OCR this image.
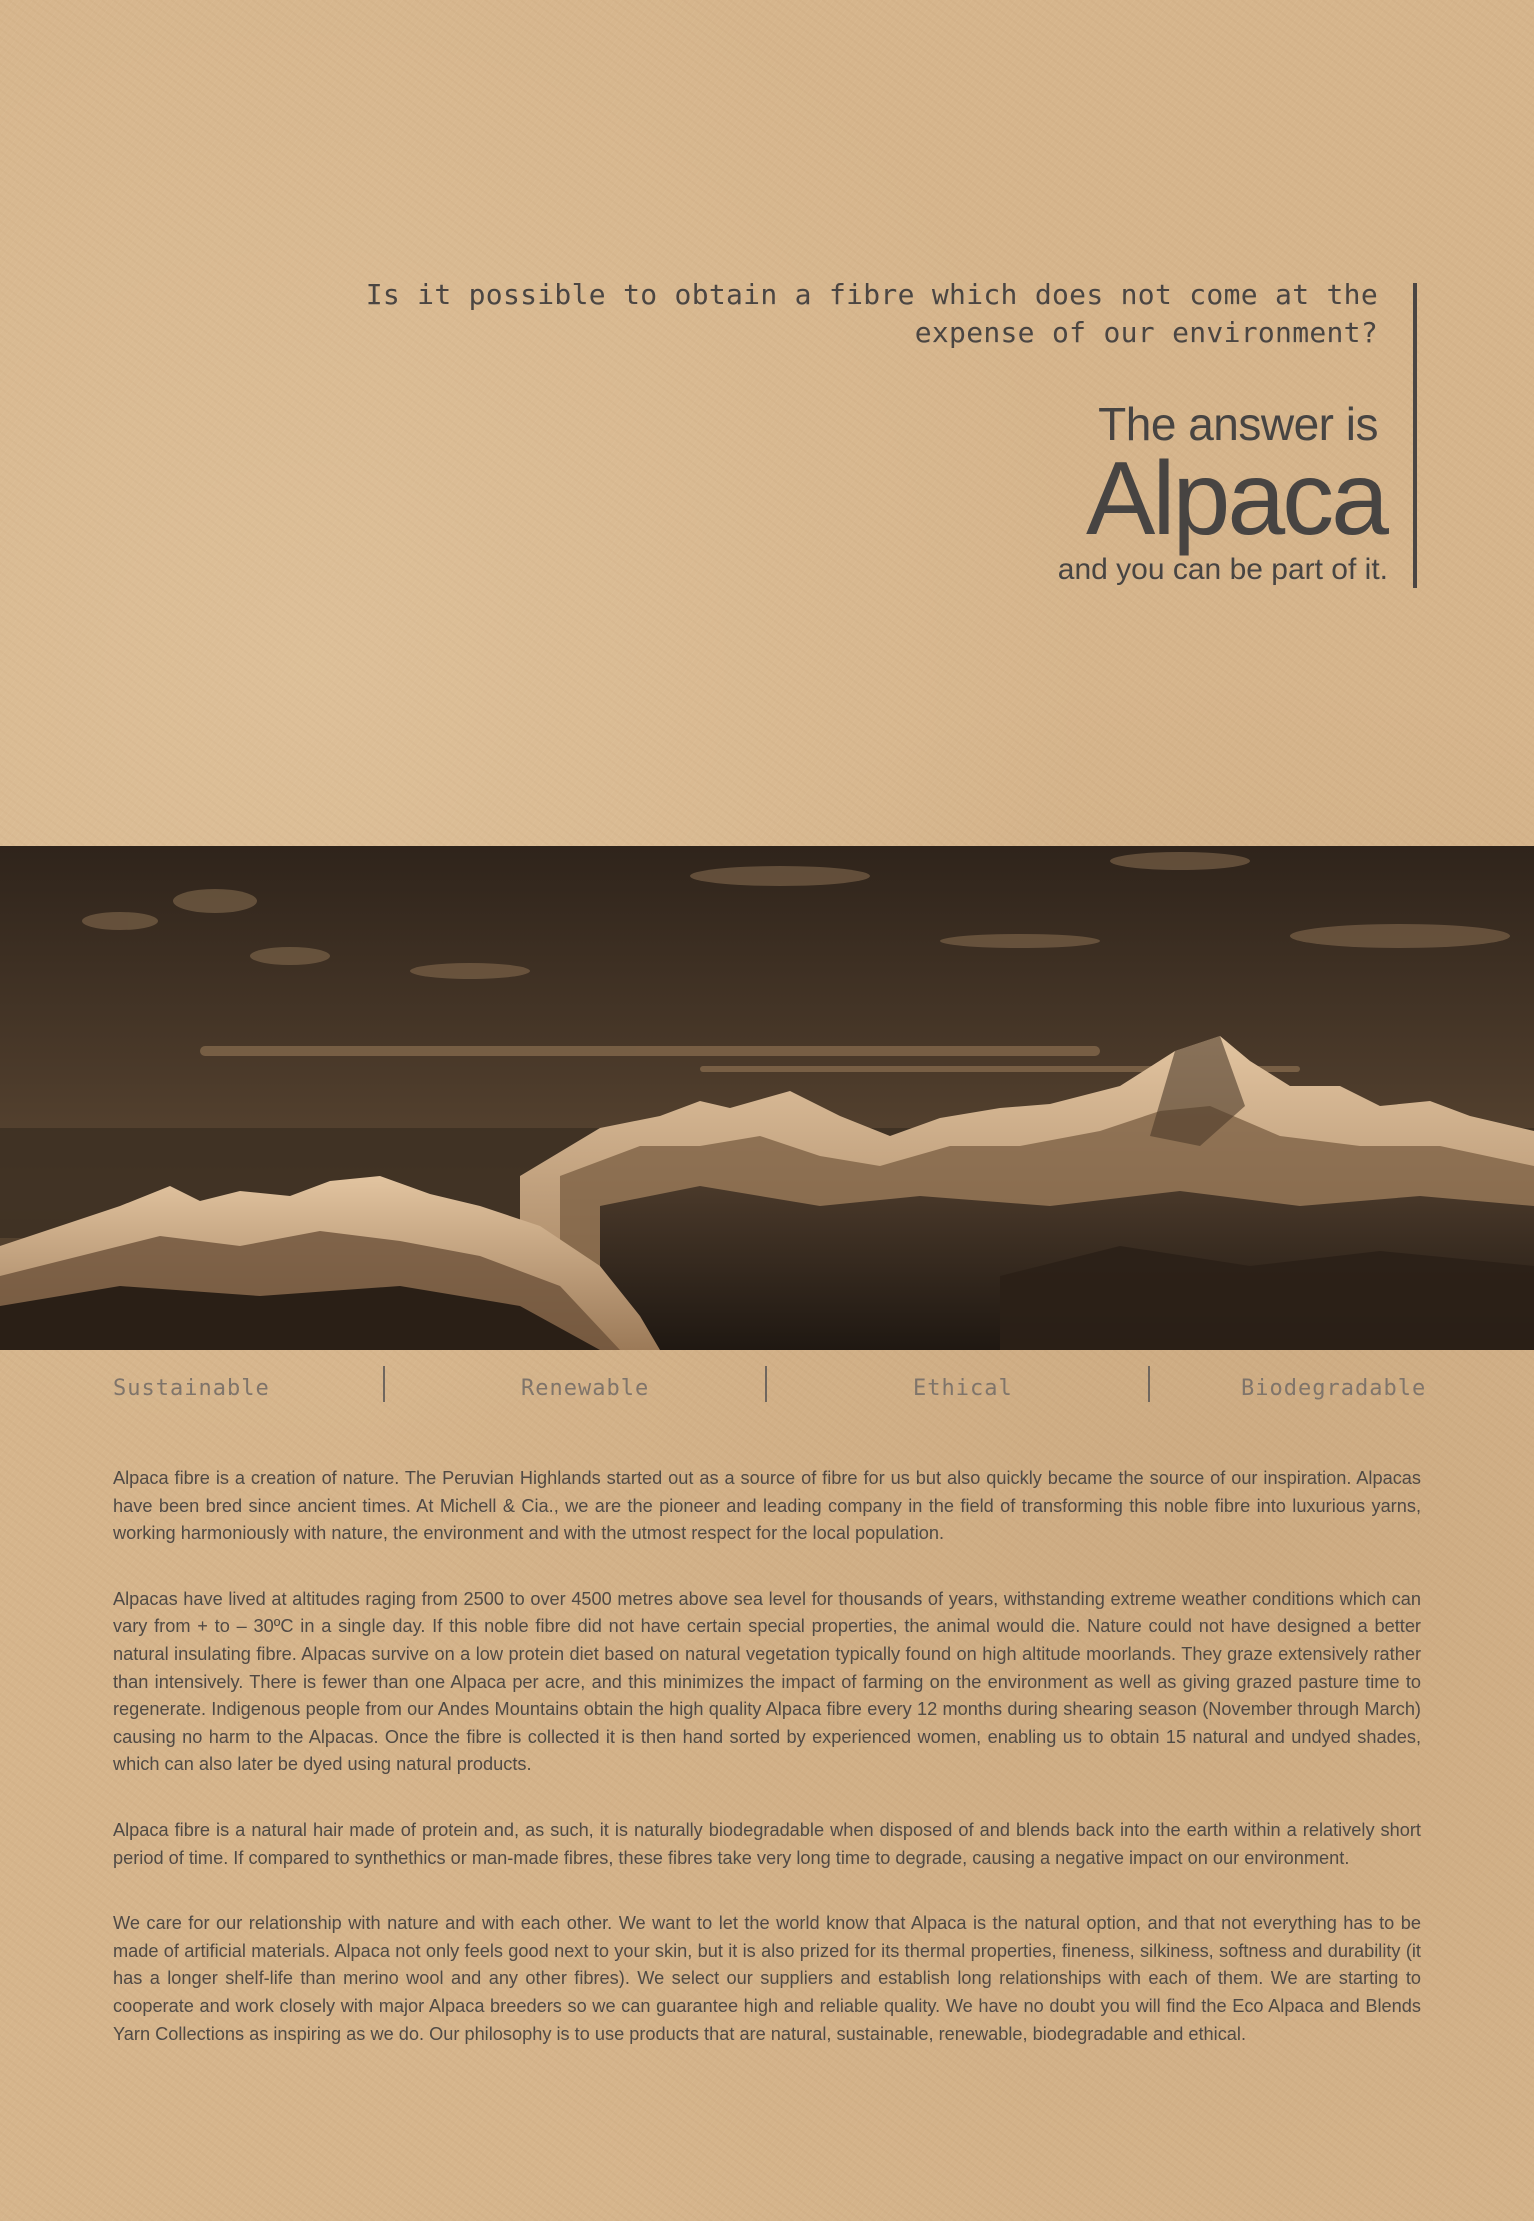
Is it possible to obtain a fibre which does not come at the expense of our environment?
The answer is
Alpaca
and you can be part of it.
Sustainable	Renewable	Ethical	Biodegradable

Alpaca fibre is a creation of nature. The Peruvian Highlands started out as a source of fibre for us but also quickly became the source of our inspiration. Alpacas have been bred since ancient times. At Michell & Cia., we are the pioneer and leading company in the field of transforming this noble fibre into luxurious yarns, working harmoniously with nature, the environment and with the utmost respect for the local population.

Alpacas have lived at altitudes raging from 2500 to over 4500 metres above sea level for thousands of years, withstanding extreme weather conditions which can vary from + to – 30ºC in a single day. If this noble fibre did not have certain special properties, the animal would die. Nature could not have designed a better natural insulating fibre. Alpacas survive on a low protein diet based on natural vegetation typically found on high altitude moorlands. They graze extensively rather than intensively. There is fewer than one Alpaca per acre, and this minimizes the impact of farming on the environment as well as giving grazed pasture time to regenerate. Indigenous people from our Andes Mountains obtain the high quality Alpaca fibre every 12 months during shearing season (November through March) causing no harm to the Alpacas. Once the fibre is collected it is then hand sorted by experienced women, enabling us to obtain 15 natural and undyed shades, which can also later be dyed using natural products.

Alpaca fibre is a natural hair made of protein and, as such, it is naturally biodegradable when disposed of and blends back into the earth within a relatively short period of time. If compared to synthethics or man-made fibres, these fibres take very long time to degrade, causing a negative impact on our environment.

We care for our relationship with nature and with each other. We want to let the world know that Alpaca is the natural option, and that not everything has to be made of artificial materials. Alpaca not only feels good next to your skin, but it is also prized for its thermal properties, fineness, silkiness, softness and durability (it has a longer shelf-life than merino wool and any other fibres). We select our suppliers and establish long relationships with each of them. We are starting to cooperate and work closely with major Alpaca breeders so we can guarantee high and reliable quality. We have no doubt you will find the Eco Alpaca and Blends Yarn Collections as inspiring as we do. Our philosophy is to use products that are natural, sustainable, renewable, biodegradable and ethical.
